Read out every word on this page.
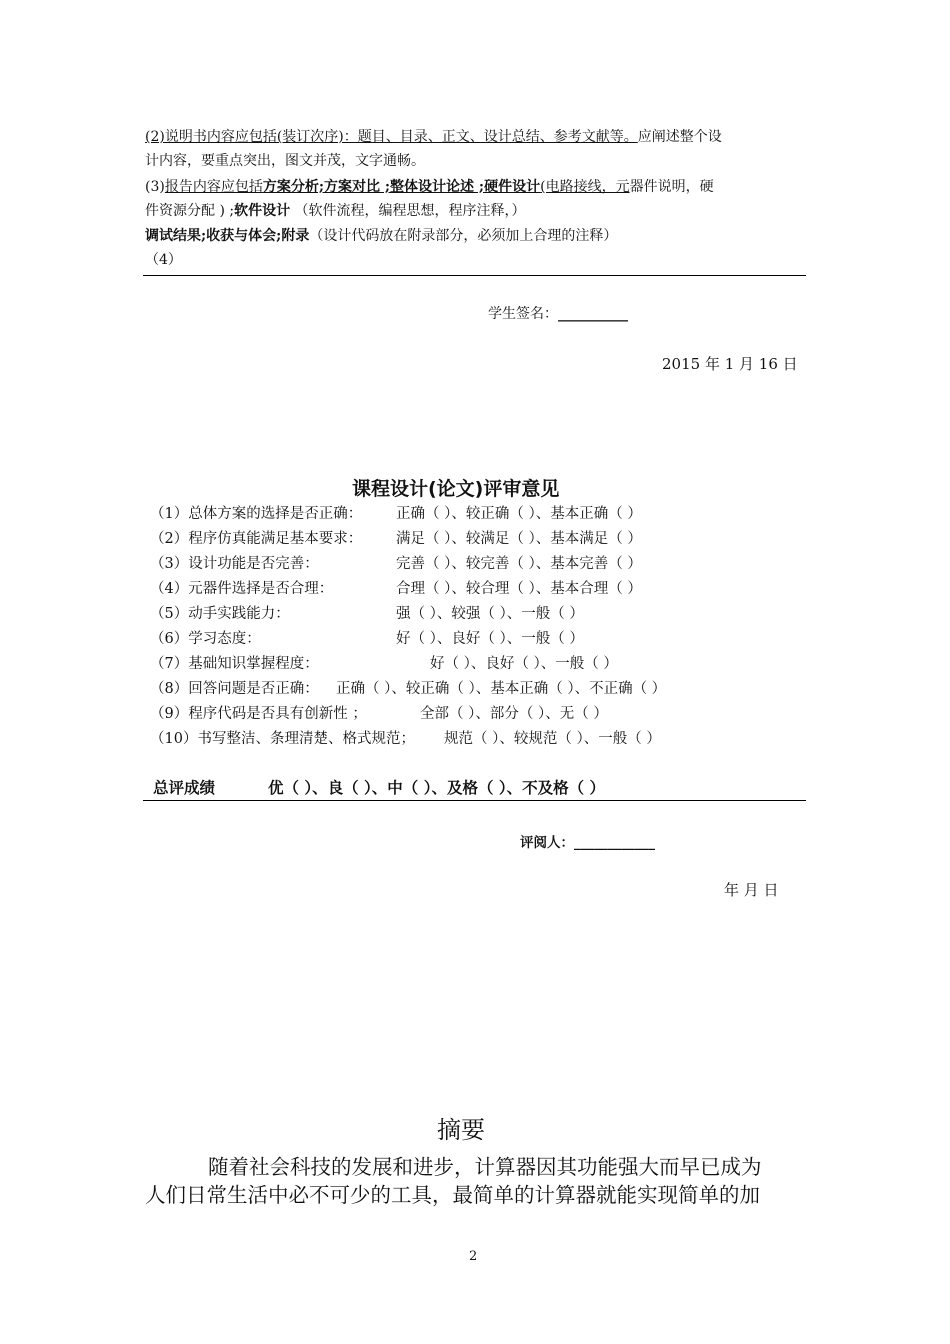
(2)说明书内容应包括(装订次序)：题目、目录、正文、设计总结、参考文献等。应阐述整个设
计内容，要重点突出，图文并茂，文字通畅。
(3)报告内容应包括方案分析;方案对比 ;整体设计论述 ;硬件设计(电路接线，元器件说明，硬
件资源分配 ) ;软件设计 （软件流程，编程思想，程序注释，）
调试结果;收获与体会;附录（设计代码放在附录部分，必须加上合理的注释）
（4）
学生签名：__________
2015 年 1 月 16 日
课程设计(论文)评审意见
（1）总体方案的选择是否正确： 正确（ ）、较正确（ ）、基本正确（ ）
（2）程序仿真能满足基本要求： 满足（ ）、较满足（ ）、基本满足（ ）
（3）设计功能是否完善：	完善（ ）、较完善（ ）、基本完善（ ）
（4）元器件选择是否合理：	合理（ ）、较合理（ ）、基本合理（ ）
（5）动手实践能力：	强（ ）、较强（ ）、一般（ ）
（6）学习态度：	好（ ）、良好（ ）、一般（ ）
（7）基础知识掌握程度：	好（ ）、良好（ ）、一般（ ）
（8）回答问题是否正确： 正确（ ）、较正确（ ）、基本正确（ ）、不正确（ ）
（9）程序代码是否具有创新性 ；	全部（ ）、部分（ ）、无（ ）
（10）书写整洁、条理清楚、格式规范； 规范（ ）、较规范（ ）、一般（ ）
总评成绩	优（ ）、良（ ）、中（ ）、及格（ ）、不及格（ ）
评阅人：____________
年 月 日
摘要
随着社会科技的发展和进步，计算器因其功能强大而早已成为
人们日常生活中必不可少的工具，最简单的计算器就能实现简单的加
2
